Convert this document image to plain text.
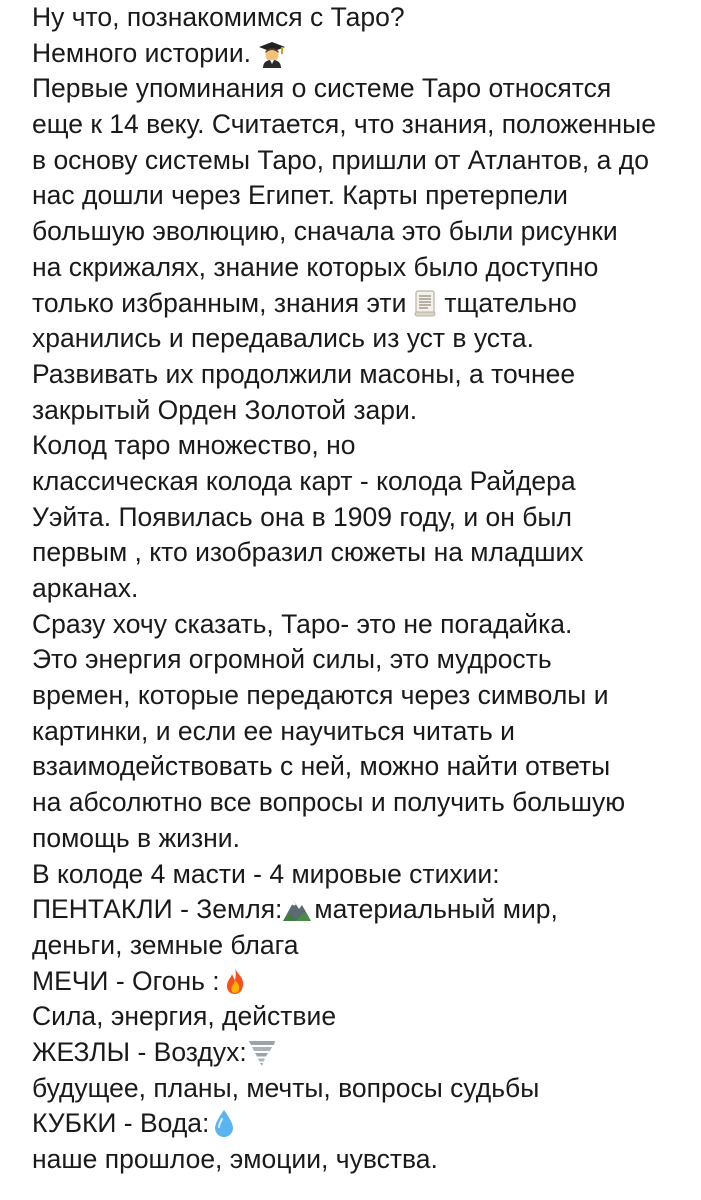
Ну что, познакомимся с Таро?
Немного истории.
Первые упоминания о системе Таро относятся
еще к 14 веку. Считается, что знания, положенные
в основу системы Таро, пришли от Атлантов, а до
нас дошли через Египет. Карты претерпели
большую эволюцию, сначала это были рисунки
на скрижалях, знание которых было доступно
только избранным, знания эти тщательно
хранились и передавались из уст в уста.
Развивать их продолжили масоны, а точнее
закрытый Орден Золотой зари.
Колод таро множество, но
классическая колода карт - колода Райдера
Уэйта. Появилась она в 1909 году, и он был
первым , кто изобразил сюжеты на младших
арканах.
Сразу хочу сказать, Таро- это не погадайка.
Это энергия огромной силы, это мудрость
времен, которые передаются через символы и
картинки, и если ее научиться читать и
взаимодействовать с ней, можно найти ответы
на абсолютно все вопросы и получить большую
помощь в жизни.
В колоде 4 масти - 4 мировые стихии:
ПЕНТАКЛИ - Земля: материальный мир,
деньги, земные блага
МЕЧИ - Огонь :
Сила, энергия, действие
ЖЕЗЛЫ - Воздух:
будущее, планы, мечты, вопросы судьбы
КУБКИ - Вода:
наше прошлое, эмоции, чувства.
